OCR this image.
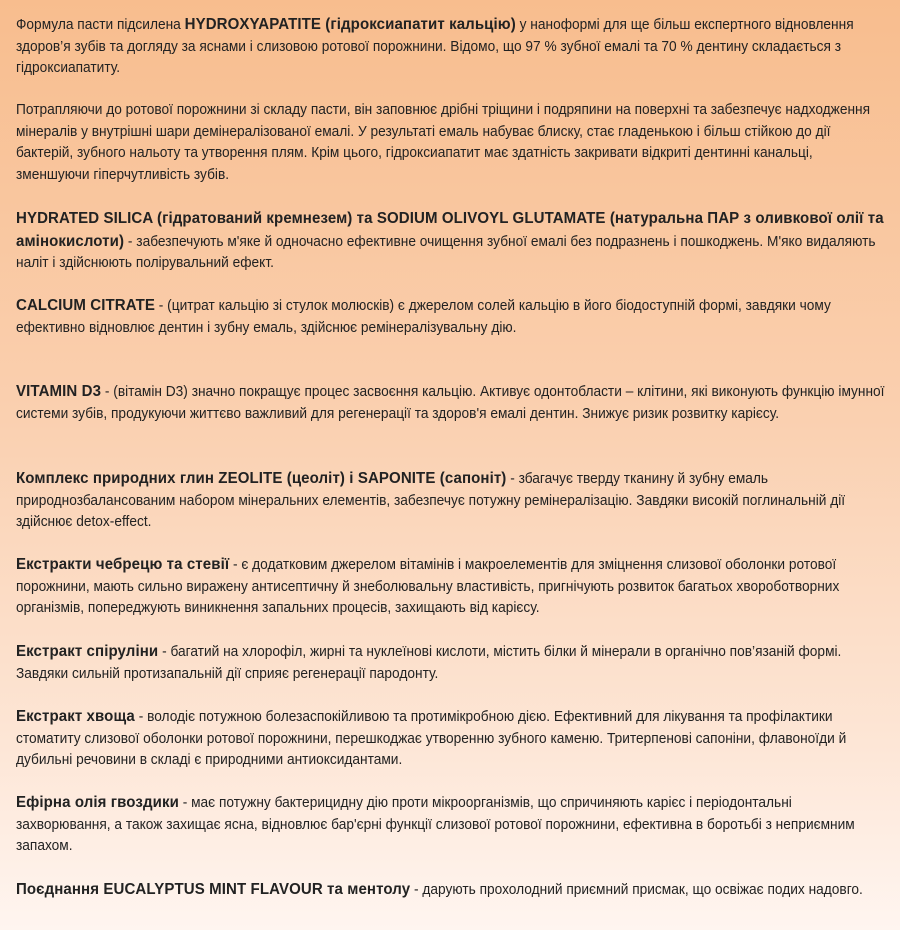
Формула пасти підсилена HYDROXYAPATITE (гідроксиапатит кальцію) у наноформі для ще більш експертного відновлення здоров’я зубів та догляду за яснами і слизовою ротової порожнини. Відомо, що 97 % зубної емалі та 70 % дентину складається з гідроксиапатиту.

Потрапляючи до ротової порожнини зі складу пасти, він заповнює дрібні тріщини і подряпини на поверхні та забезпечує надходження мінералів у внутрішні шари демінералізованої емалі. У результаті емаль набуває блиску, стає гладенькою і більш стійкою до дії бактерій, зубного нальоту та утворення плям. Крім цього, гідроксиапатит має здатність закривати відкриті дентинні канальці, зменшуючи гіперчутливість зубів.

HYDRATED SILICA (гідратований кремнезем) та SODIUM OLIVOYL GLUTAMATE (натуральна ПАР з оливкової олії та амінокислоти) - забезпечують м'яке й одночасно ефективне очищення зубної емалі без подразнень і пошкоджень. М'яко видаляють наліт і здійснюють полірувальний ефект.

CALCIUM CITRATE - (цитрат кальцію зі стулок молюсків) є джерелом солей кальцію в його біодоступній формі, завдяки чому ефективно відновлює дентин і зубну емаль, здійснює ремінералізувальну дію.

VITAMIN D3 - (вітамін D3) значно покращує процес засвоєння кальцію. Активує одонтобласти – клітини, які виконують функцію імунної системи зубів, продукуючи життєво важливий для регенерації та здоров'я емалі дентин. Знижує ризик розвитку карієсу.

Комплекс природних глин ZEOLITE (цеоліт) і SAPONITE (сапоніт) - збагачує тверду тканину й зубну емаль природнозбалансованим набором мінеральних елементів, забезпечує потужну ремінералізацію. Завдяки високій поглинальній дії здійснює detox-effect.

Екстракти чебрецю та стевії - є додатковим джерелом вітамінів і макроелементів для зміцнення слизової оболонки ротової порожнини, мають сильно виражену антисептичну й знеболювальну властивість, пригнічують розвиток багатьох хвороботворних організмів, попереджують виникнення запальних процесів, захищають від карієсу.

Екстракт спіруліни - багатий на хлорофіл, жирні та нуклеїнові кислоти, містить білки й мінерали в органічно пов’язаній формі. Завдяки сильній протизапальній дії сприяє регенерації пародонту.

Екстракт хвоща - володіє потужною болезаспокійливою та протимікробною дією. Ефективний для лікування та профілактики стоматиту слизової оболонки ротової порожнини, перешкоджає утворенню зубного каменю. Тритерпенові сапоніни, флавоноїди й дубильні речовини в складі є природними антиоксидантами.

Ефірна олія гвоздики - має потужну бактерицидну дію проти мікроорганізмів, що спричиняють карієс і періодонтальні захворювання, а також захищає ясна, відновлює бар'єрні функції слизової ротової порожнини, ефективна в боротьбі з неприємним запахом.

Поєднання EUCALYPTUS MINT FLAVOUR та ментолу - дарують прохолодний приємний присмак, що освіжає подих надовго.
